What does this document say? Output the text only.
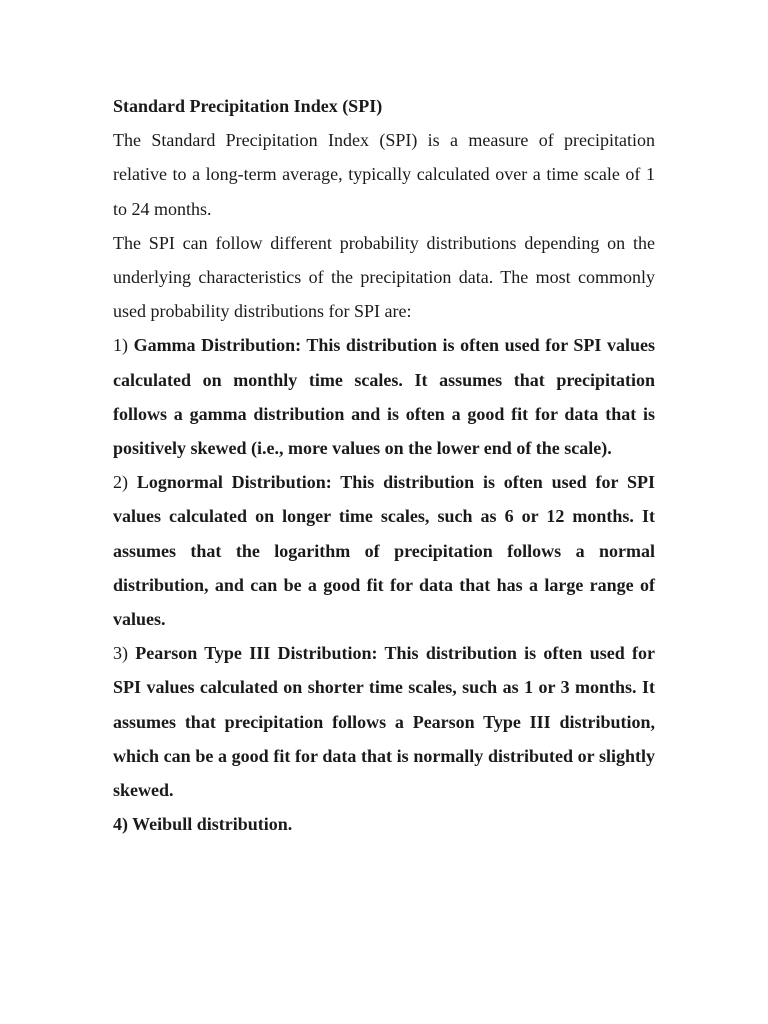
Standard Precipitation Index (SPI)

The Standard Precipitation Index (SPI) is a measure of precipitation relative to a long-term average, typically calculated over a time scale of 1 to 24 months.

The SPI can follow different probability distributions depending on the underlying characteristics of the precipitation data. The most commonly used probability distributions for SPI are:

1) Gamma Distribution: This distribution is often used for SPI values calculated on monthly time scales. It assumes that precipitation follows a gamma distribution and is often a good fit for data that is positively skewed (i.e., more values on the lower end of the scale).

2) Lognormal Distribution: This distribution is often used for SPI values calculated on longer time scales, such as 6 or 12 months. It assumes that the logarithm of precipitation follows a normal distribution, and can be a good fit for data that has a large range of values.

3) Pearson Type III Distribution: This distribution is often used for SPI values calculated on shorter time scales, such as 1 or 3 months. It assumes that precipitation follows a Pearson Type III distribution, which can be a good fit for data that is normally distributed or slightly skewed.

4) Weibull distribution.
